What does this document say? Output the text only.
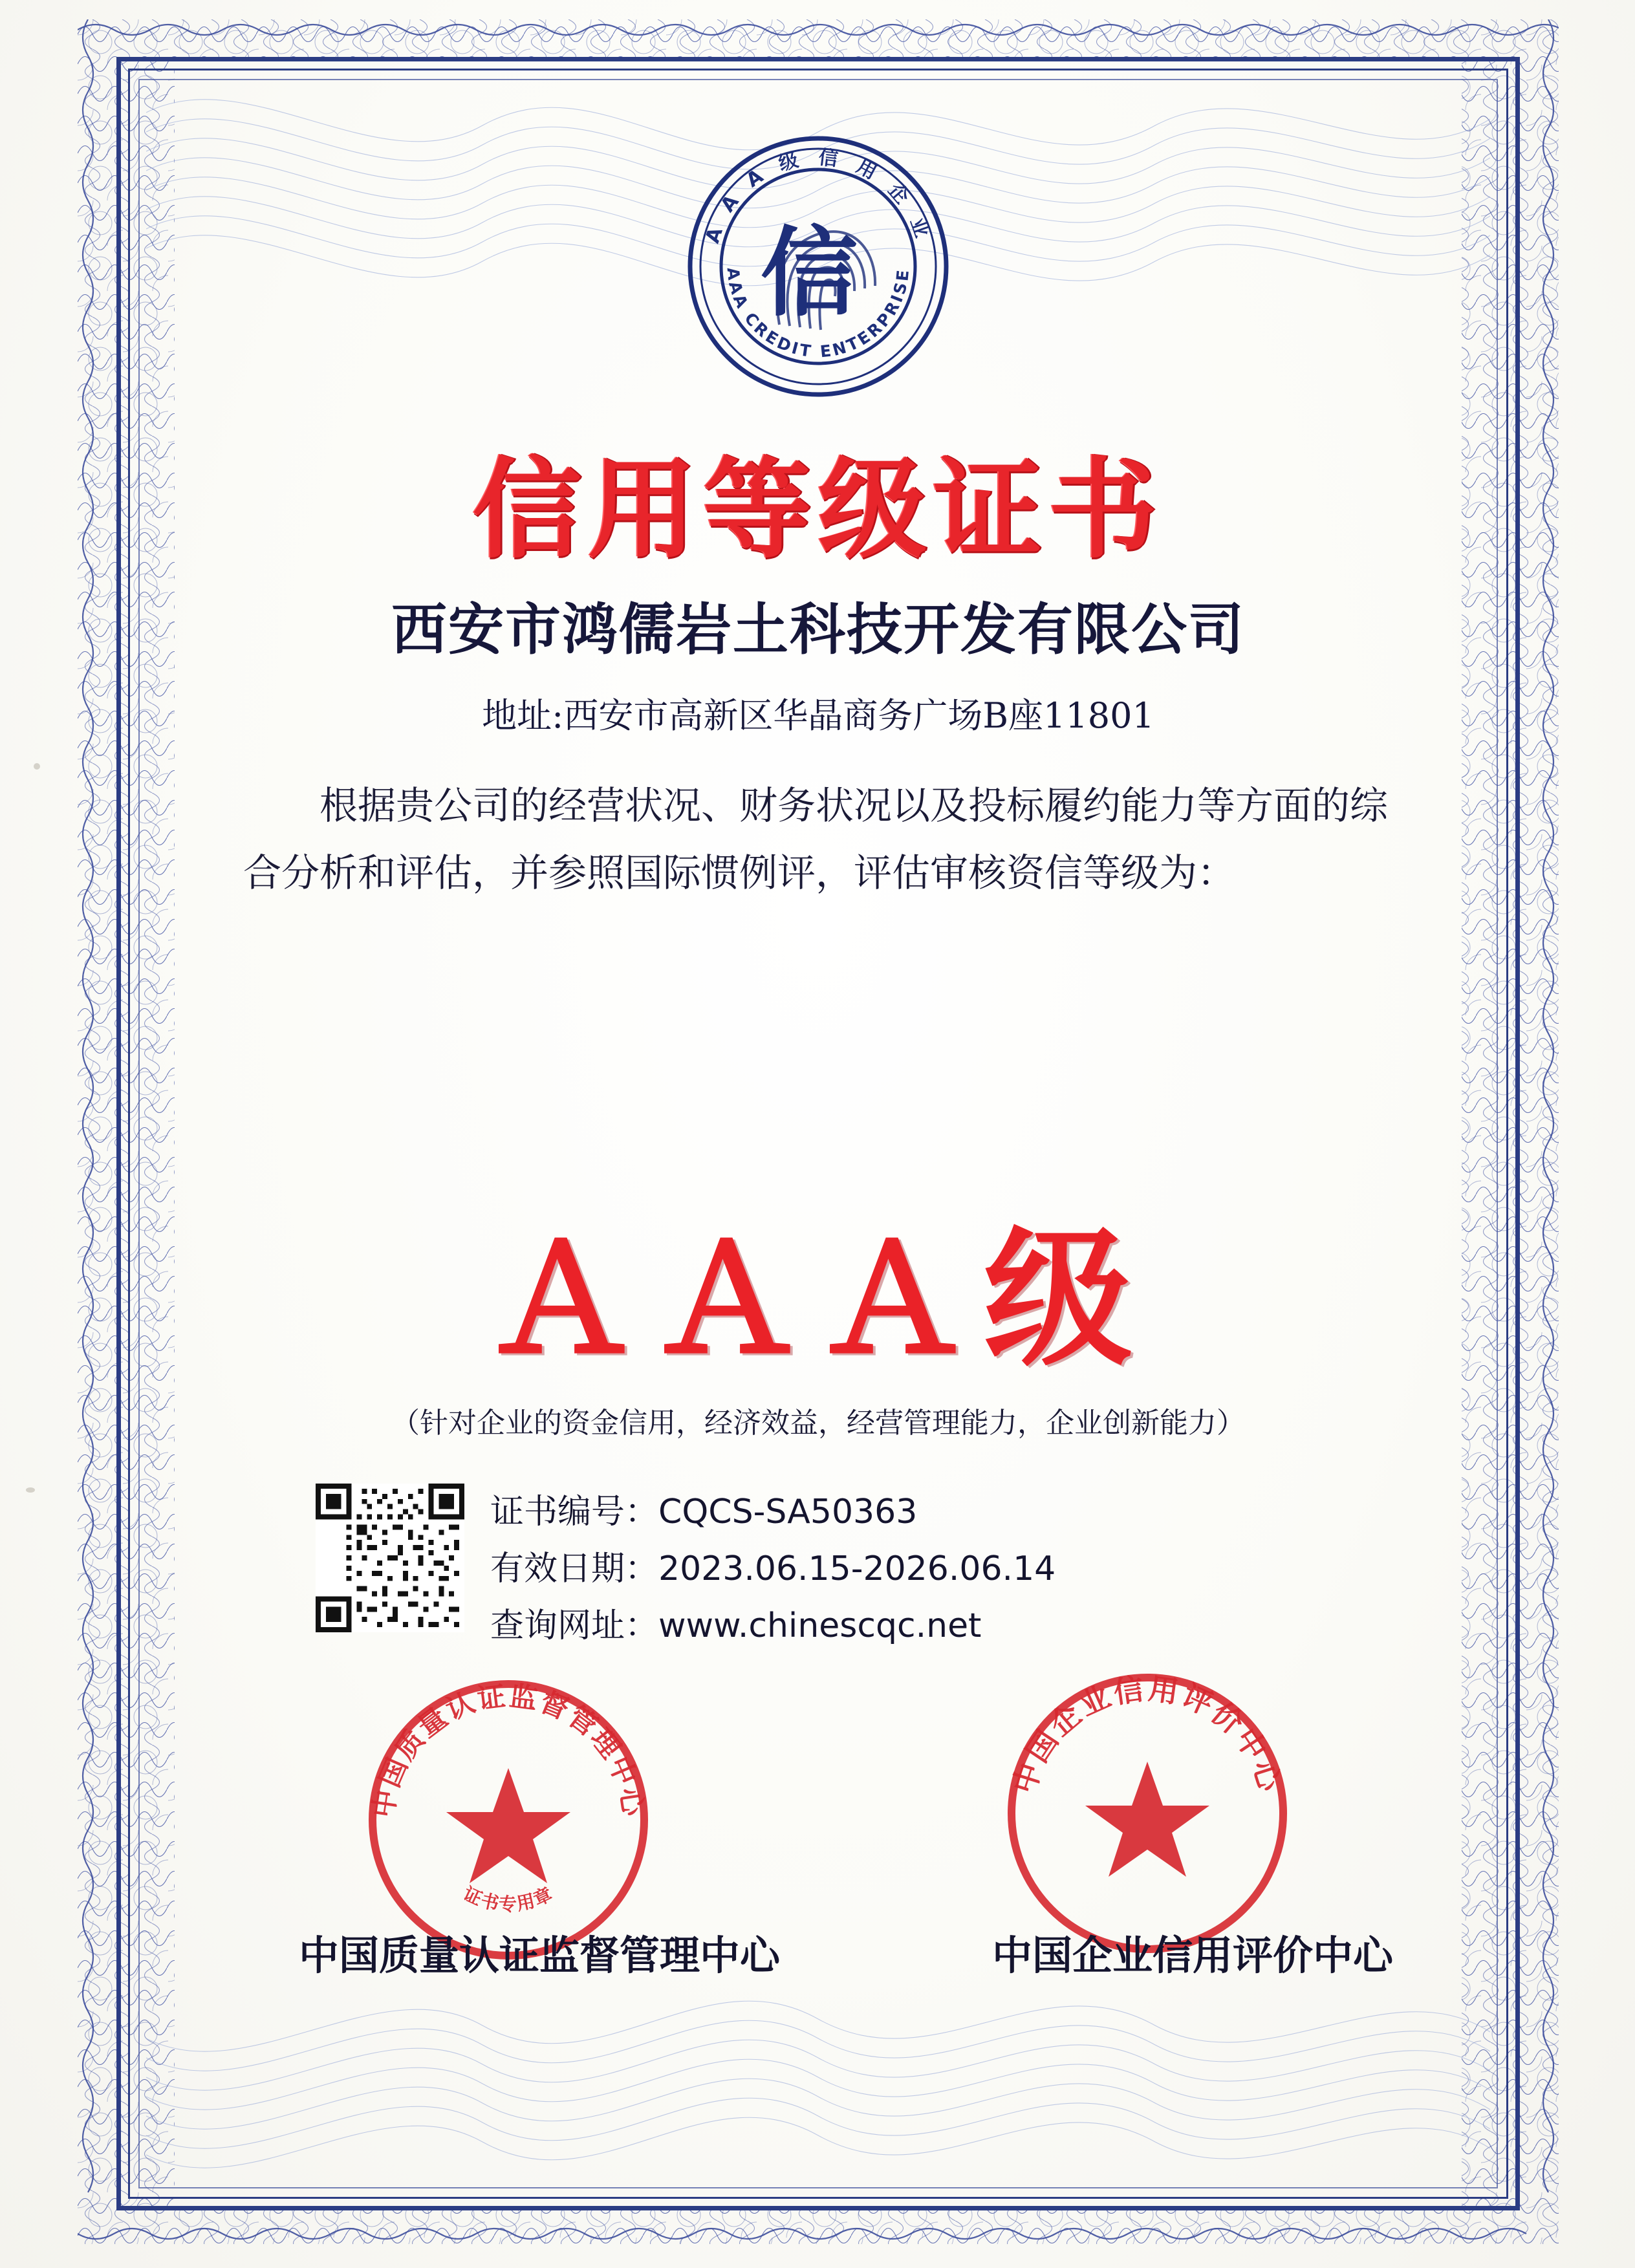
信
A A A 级 信 用 企 业
AAA CREDIT ENTERPRISE
信用等级证书
西安市鸿儒岩土科技开发有限公司
地址:西安市高新区华晶商务广场B座11801
根据贵公司的经营状况、财务状况以及投标履约能力等方面的综合分析和评估，并参照国际惯例评，评估审核资信等级为：
ＡＡＡ级
（针对企业的资金信用，经济效益，经营管理能力，企业创新能力）
证书编号：CQCS-SA50363
有效日期：2023.06.15-2026.06.14
查询网址：www.chinescqc.net
中国质量认证监督管理中心
证书专用章
中国企业信用评价中心
中国质量认证监督管理中心	中国企业信用评价中心
